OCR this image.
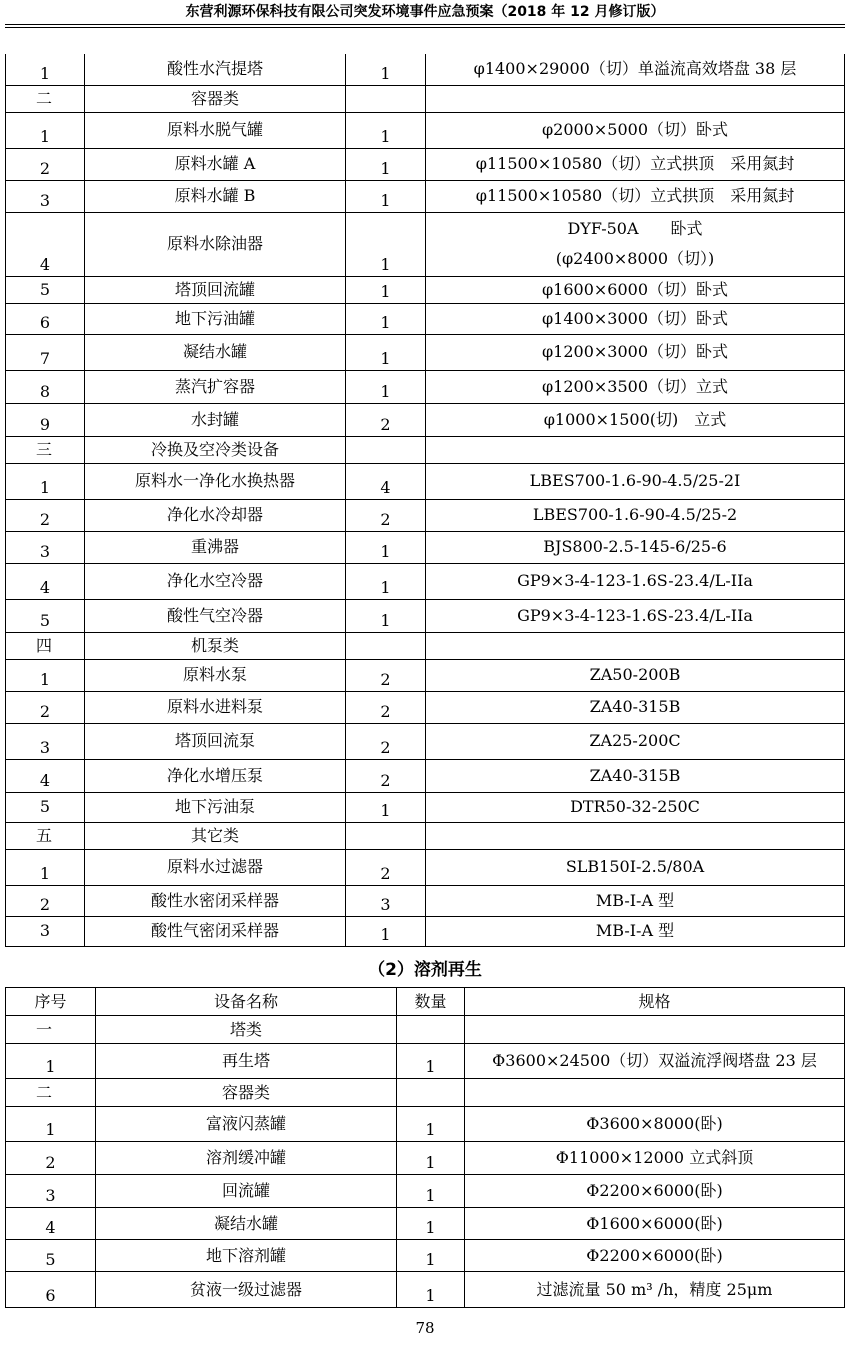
东营利源环保科技有限公司突发环境事件应急预案（2018 年 12 月修订版）
1	酸性水汽提塔	1	φ1400×29000（切）单溢流高效塔盘 38 层
二	容器类		
1	原料水脱气罐	1	φ2000×5000（切）卧式
2	原料水罐 A	1	φ11500×10580（切）立式拱顶　采用氮封
3	原料水罐 B	1	φ11500×10580（切）立式拱顶　采用氮封
4	原料水除油器	1	DYF-50A　　卧式
(φ2400×8000（切）)

5	塔顶回流罐	1	φ1600×6000（切）卧式
6	地下污油罐	1	φ1400×3000（切）卧式
7	凝结水罐	1	φ1200×3000（切）卧式
8	蒸汽扩容器	1	φ1200×3500（切）立式
9	水封罐	2	φ1000×1500(切)　立式
三	冷换及空冷类设备		
1	原料水一净化水换热器	4	LBES700-1.6-90-4.5/25-2I
2	净化水冷却器	2	LBES700-1.6-90-4.5/25-2
3	重沸器	1	BJS800-2.5-145-6/25-6
4	净化水空冷器	1	GP9×3-4-123-1.6S-23.4/L-IIa
5	酸性气空冷器	1	GP9×3-4-123-1.6S-23.4/L-IIa
四	机泵类		
1	原料水泵	2	ZA50-200B
2	原料水进料泵	2	ZA40-315B
3	塔顶回流泵	2	ZA25-200C
4	净化水增压泵	2	ZA40-315B
5	地下污油泵	1	DTR50-32-250C
五	其它类		
1	原料水过滤器	2	SLB150I-2.5/80A
2	酸性水密闭采样器	3	MB-I-A 型
3	酸性气密闭采样器	1	MB-I-A 型
（2）溶剂再生
序号	设备名称	数量	规格
一	塔类		
1	再生塔	1	Φ3600×24500（切）双溢流浮阀塔盘 23 层
二	容器类		
1	富液闪蒸罐	1	Φ3600×8000(卧)
2	溶剂缓冲罐	1	Φ11000×12000 立式斜顶
3	回流罐	1	Φ2200×6000(卧)
4	凝结水罐	1	Φ1600×6000(卧)
5	地下溶剂罐	1	Φ2200×6000(卧)
6	贫液一级过滤器	1	过滤流量 50 m³ /h，精度 25μm
78
